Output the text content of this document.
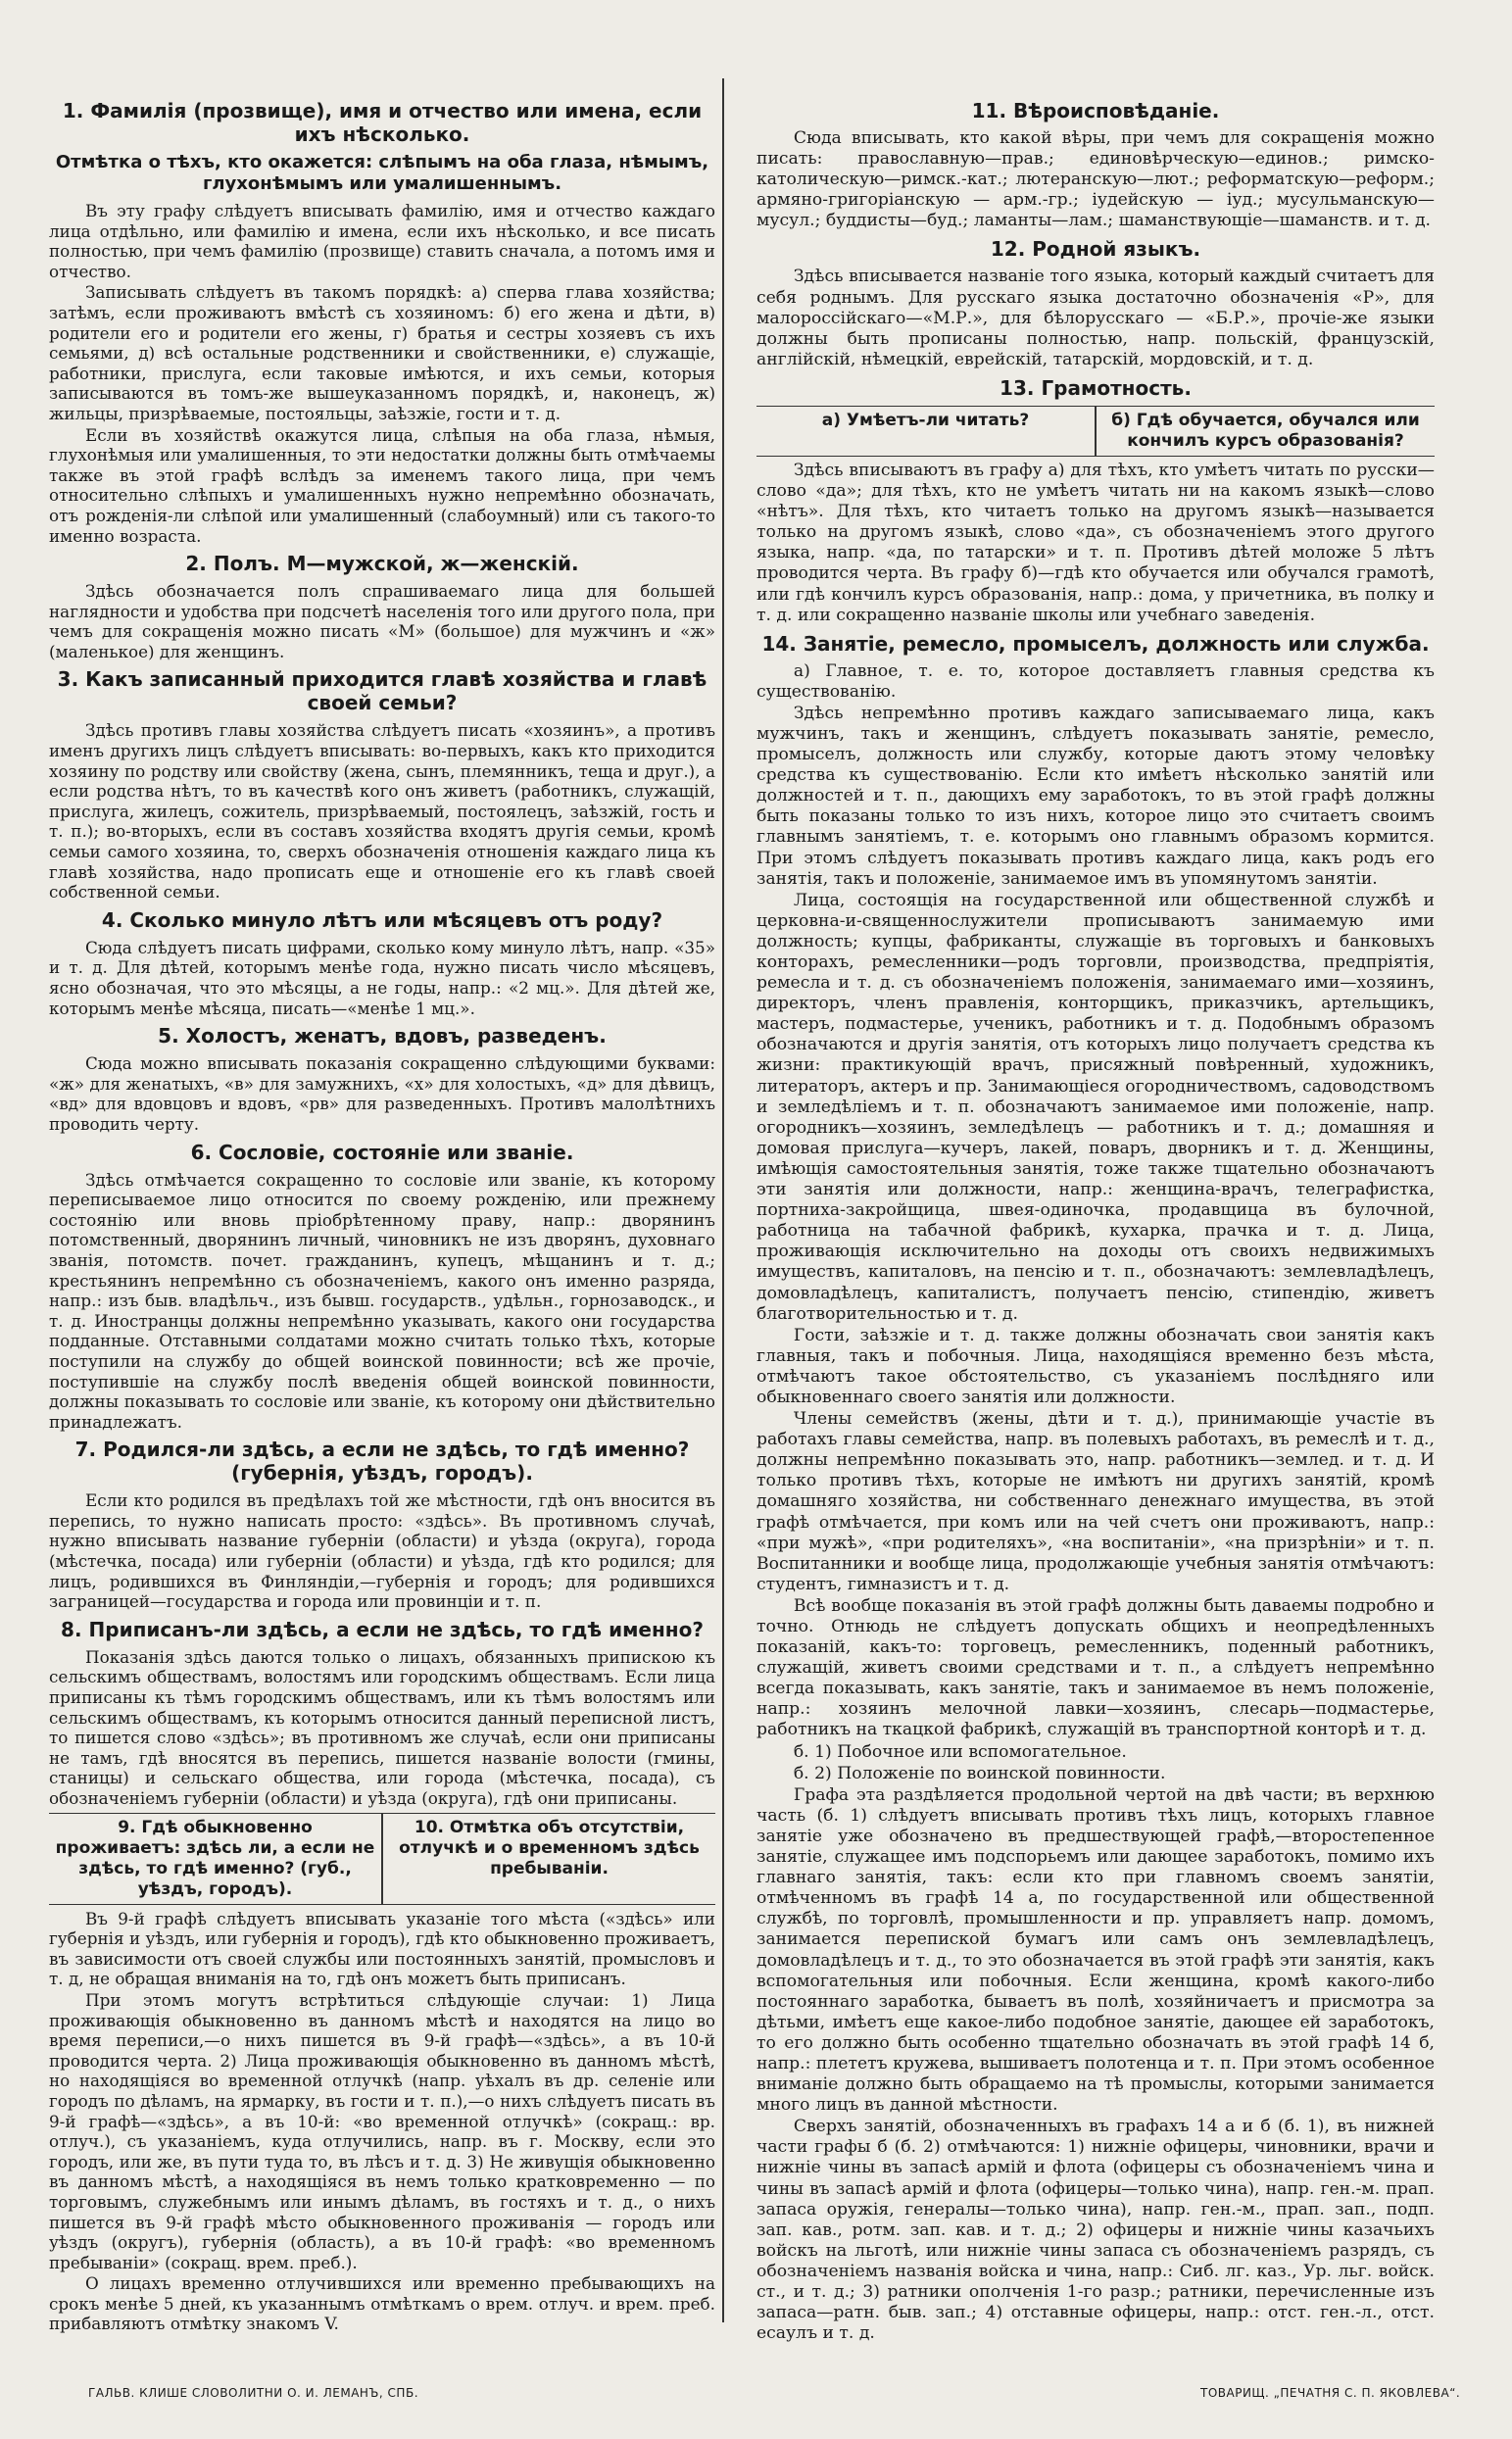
1. Фамилія (прозвище), имя и отчество или имена, если ихъ нѣсколько.
Отмѣтка о тѣхъ, кто окажется: слѣпымъ на оба глаза, нѣмымъ, глухонѣмымъ или умалишеннымъ.

Въ эту графу слѣдуетъ вписывать фамилію, имя и отчество каждаго лица отдѣльно, или фамилію и имена, если ихъ нѣсколько, и все писать полностью, при чемъ фамилію (прозвище) ставить сначала, а потомъ имя и отчество.

Записывать слѣдуетъ въ такомъ порядкѣ: а) сперва глава хозяйства; затѣмъ, если проживаютъ вмѣстѣ съ хозяиномъ: б) его жена и дѣти, в) родители его и родители его жены, г) братья и сестры хозяевъ съ ихъ семьями, д) всѣ остальные родственники и свойственники, е) служащіе, работники, прислуга, если таковые имѣются, и ихъ семьи, которыя записываются въ томъ-же вышеуказанномъ порядкѣ, и, наконецъ, ж) жильцы, призрѣваемые, постояльцы, заѣзжіе, гости и т. д.

Если въ хозяйствѣ окажутся лица, слѣпыя на оба глаза, нѣмыя, глухонѣмыя или умалишенныя, то эти недостатки должны быть отмѣчаемы также въ этой графѣ вслѣдъ за именемъ такого лица, при чемъ относительно слѣпыхъ и умалишенныхъ нужно непремѣнно обозначать, отъ рожденія-ли слѣпой или умалишенный (слабоумный) или съ такого-то именно возраста.

2. Полъ. М—мужской, ж—женскій.

Здѣсь обозначается полъ спрашиваемаго лица для большей наглядности и удобства при подсчетѣ населенія того или другого пола, при чемъ для сокращенія можно писать «М» (большое) для мужчинъ и «ж» (маленькое) для женщинъ.

3. Какъ записанный приходится главѣ хозяйства и главѣ своей семьи?

Здѣсь противъ главы хозяйства слѣдуетъ писать «хозяинъ», а противъ именъ другихъ лицъ слѣдуетъ вписывать: во-первыхъ, какъ кто приходится хозяину по родству или свойству (жена, сынъ, племянникъ, теща и друг.), а если родства нѣтъ, то въ качествѣ кого онъ живетъ (работникъ, служащій, прислуга, жилецъ, сожитель, призрѣваемый, постоялецъ, заѣзжій, гость и т. п.); во-вторыхъ, если въ составъ хозяйства входятъ другія семьи, кромѣ семьи самого хозяина, то, сверхъ обозначенія отношенія каждаго лица къ главѣ хозяйства, надо прописать еще и отношеніе его къ главѣ своей собственной семьи.

4. Сколько минуло лѣтъ или мѣсяцевъ отъ роду?

Сюда слѣдуетъ писать цифрами, сколько кому минуло лѣтъ, напр. «35» и т. д. Для дѣтей, которымъ менѣе года, нужно писать число мѣсяцевъ, ясно обозначая, что это мѣсяцы, а не годы, напр.: «2 мц.». Для дѣтей же, которымъ менѣе мѣсяца, писать—«менѣе 1 мц.».

5. Холостъ, женатъ, вдовъ, разведенъ.

Сюда можно вписывать показанія сокращенно слѣдующими буквами: «ж» для женатыхъ, «в» для замужнихъ, «х» для холостыхъ, «д» для дѣвицъ, «вд» для вдовцовъ и вдовъ, «рв» для разведенныхъ. Противъ малолѣтнихъ проводить черту.

6. Сословіе, состояніе или званіе.

Здѣсь отмѣчается сокращенно то сословіе или званіе, къ которому переписываемое лицо относится по своему рожденію, или прежнему состоянію или вновь пріобрѣтенному праву, напр.: дворянинъ потомственный, дворянинъ личный, чиновникъ не изъ дворянъ, духовнаго званія, потомств. почет. гражданинъ, купецъ, мѣщанинъ и т. д.; крестьянинъ непремѣнно съ обозначеніемъ, какого онъ именно разряда, напр.: изъ быв. владѣльч., изъ бывш. государств., удѣльн., горнозаводск., и т. д. Иностранцы должны непремѣнно указывать, какого они государства подданные. Отставными солдатами можно считать только тѣхъ, которые поступили на службу до общей воинской повинности; всѣ же прочіе, поступившіе на службу послѣ введенія общей воинской повинности, должны показывать то сословіе или званіе, къ которому они дѣйствительно принадлежатъ.

7. Родился-ли здѣсь, а если не здѣсь, то гдѣ именно? (губернія, уѣздъ, городъ).

Если кто родился въ предѣлахъ той же мѣстности, гдѣ онъ вносится въ перепись, то нужно написать просто: «здѣсь». Въ противномъ случаѣ, нужно вписывать название губерніи (области) и уѣзда (округа), города (мѣстечка, посада) или губерніи (области) и уѣзда, гдѣ кто родился; для лицъ, родившихся въ Финляндіи,—губернія и городъ; для родившихся заграницей—государства и города или провинціи и т. п.

8. Приписанъ-ли здѣсь, а если не здѣсь, то гдѣ именно?

Показанія здѣсь даются только о лицахъ, обязанныхъ припискою къ сельскимъ обществамъ, волостямъ или городскимъ обществамъ. Если лица приписаны къ тѣмъ городскимъ обществамъ, или къ тѣмъ волостямъ или сельскимъ обществамъ, къ которымъ относится данный переписной листъ, то пишется слово «здѣсь»; въ противномъ же случаѣ, если они приписаны не тамъ, гдѣ вносятся въ перепись, пишется названіе волости (гмины, станицы) и сельскаго общества, или города (мѣстечка, посада), съ обозначеніемъ губерніи (области) и уѣзда (округа), гдѣ они приписаны.

9. Гдѣ обыкновенно проживаетъ: здѣсь ли, а если не здѣсь, то гдѣ именно? (губ., уѣздъ, городъ).
10. Отмѣтка объ отсутствіи, отлучкѣ и о временномъ здѣсь пребываніи.

Въ 9-й графѣ слѣдуетъ вписывать указаніе того мѣста («здѣсь» или губернія и уѣздъ, или губернія и городъ), гдѣ кто обыкновенно проживаетъ, въ зависимости отъ своей службы или постоянныхъ занятій, промысловъ и т. д, не обращая вниманія на то, гдѣ онъ можетъ быть приписанъ.

При этомъ могутъ встрѣтиться слѣдующіе случаи: 1) Лица проживающія обыкновенно въ данномъ мѣстѣ и находятся на лицо во время переписи,—о нихъ пишется въ 9-й графѣ—«здѣсь», а въ 10-й проводится черта. 2) Лица проживающія обыкновенно въ данномъ мѣстѣ, но находящіяся во временной отлучкѣ (напр. уѣхалъ въ др. селеніе или городъ по дѣламъ, на ярмарку, въ гости и т. п.),—о нихъ слѣдуетъ писать въ 9-й графѣ—«здѣсь», а въ 10-й: «во временной отлучкѣ» (сокращ.: вр. отлуч.), съ указаніемъ, куда отлучились, напр. въ г. Москву, если это городъ, или же, въ пути туда то, въ лѣсъ и т. д. 3) Не живущія обыкновенно въ данномъ мѣстѣ, а находящіяся въ немъ только кратковременно — по торговымъ, служебнымъ или инымъ дѣламъ, въ гостяхъ и т. д., о нихъ пишется въ 9-й графѣ мѣсто обыкновенного проживанія — городъ или уѣздъ (округъ), губернія (область), а въ 10-й графѣ: «во временномъ пребываніи» (сокращ. врем. преб.).

О лицахъ временно отлучившихся или временно пребывающихъ на срокъ менѣе 5 дней, къ указаннымъ отмѣткамъ о врем. отлуч. и врем. преб. прибавляютъ отмѣтку знакомъ V.

11. Вѣроисповѣданіе.

Сюда вписывать, кто какой вѣры, при чемъ для сокращенія можно писать: православную—прав.; единовѣрческую—единов.; римско-католическую—римск.-кат.; лютеранскую—лют.; реформатскую—реформ.; армяно-григоріанскую — арм.-гр.; іудейскую — іуд.; мусульманскую—мусул.; буддисты—буд.; ламанты—лам.; шаманствующіе—шаманств. и т. д.

12. Родной языкъ.

Здѣсь вписывается названіе того языка, который каждый считаетъ для себя роднымъ. Для русскаго языка достаточно обозначенія «Р», для малороссійскаго—«М.Р.», для бѣлорусскаго — «Б.Р.», прочіе-же языки должны быть прописаны полностью, напр. польскій, французскій, англійскій, нѣмецкій, еврейскій, татарскій, мордовскій, и т. д.

13. Грамотность.
а) Умѣетъ-ли читать?	б) Гдѣ обучается, обучался или кончилъ курсъ образованія?

Здѣсь вписываютъ въ графу а) для тѣхъ, кто умѣетъ читать по русски—слово «да»; для тѣхъ, кто не умѣетъ читать ни на какомъ языкѣ—слово «нѣтъ». Для тѣхъ, кто читаетъ только на другомъ языкѣ—называется только на другомъ языкѣ, слово «да», съ обозначеніемъ этого другого языка, напр. «да, по татарски» и т. п. Противъ дѣтей моложе 5 лѣтъ проводится черта. Въ графу б)—гдѣ кто обучается или обучался грамотѣ, или гдѣ кончилъ курсъ образованія, напр.: дома, у причетника, въ полку и т. д. или сокращенно названіе школы или учебнаго заведенія.

14. Занятіе, ремесло, промыселъ, должность или служба.

а) Главное, т. е. то, которое доставляетъ главныя средства къ существованію.

Здѣсь непремѣнно противъ каждаго записываемаго лица, какъ мужчинъ, такъ и женщинъ, слѣдуетъ показывать занятіе, ремесло, промыселъ, должность или службу, которые даютъ этому человѣку средства къ существованію. Если кто имѣетъ нѣсколько занятій или должностей и т. п., дающихъ ему заработокъ, то въ этой графѣ должны быть показаны только то изъ нихъ, которое лицо это считаетъ своимъ главнымъ занятіемъ, т. е. которымъ оно главнымъ образомъ кормится. При этомъ слѣдуетъ показывать противъ каждаго лица, какъ родъ его занятія, такъ и положеніе, занимаемое имъ въ упомянутомъ занятіи.

Лица, состоящія на государственной или общественной службѣ и церковна-и-священнослужители прописываютъ занимаемую ими должность; купцы, фабриканты, служащіе въ торговыхъ и банковыхъ конторахъ, ремесленники—родъ торговли, производства, предпріятія, ремесла и т. д. съ обозначеніемъ положенія, занимаемаго ими—хозяинъ, директоръ, членъ правленія, конторщикъ, приказчикъ, артельщикъ, мастеръ, подмастерье, ученикъ, работникъ и т. д. Подобнымъ образомъ обозначаются и другія занятія, отъ которыхъ лицо получаетъ средства къ жизни: практикующій врачъ, присяжный повѣренный, художникъ, литераторъ, актеръ и пр. Занимающіеся огородничествомъ, садоводствомъ и земледѣліемъ и т. п. обозначаютъ занимаемое ими положеніе, напр. огородникъ—хозяинъ, земледѣлецъ — работникъ и т. д.; домашняя и домовая прислуга—кучеръ, лакей, поваръ, дворникъ и т. д. Женщины, имѣющія самостоятельныя занятія, тоже также тщательно обозначаютъ эти занятія или должности, напр.: женщина-врачъ, телеграфистка, портниха-закройщица, швея-одиночка, продавщица въ булочной, работница на табачной фабрикѣ, кухарка, прачка и т. д. Лица, проживающія исключительно на доходы отъ своихъ недвижимыхъ имуществъ, капиталовъ, на пенсію и т. п., обозначаютъ: землевладѣлецъ, домовладѣлецъ, капиталистъ, получаетъ пенсію, стипендію, живетъ благотворительностью и т. д.

Гости, заѣзжіе и т. д. также должны обозначать свои занятія какъ главныя, такъ и побочныя. Лица, находящіяся временно безъ мѣста, отмѣчаютъ такое обстоятельство, съ указаніемъ послѣдняго или обыкновеннаго своего занятія или должности.

Члены семействъ (жены, дѣти и т. д.), принимающіе участіе въ работахъ главы семейства, напр. въ полевыхъ работахъ, въ ремеслѣ и т. д., должны непремѣнно показывать это, напр. работникъ—землед. и т. д. И только противъ тѣхъ, которые не имѣютъ ни другихъ занятій, кромѣ домашняго хозяйства, ни собственнаго денежнаго имущества, въ этой графѣ отмѣчается, при комъ или на чей счетъ они проживаютъ, напр.: «при мужѣ», «при родителяхъ», «на воспитаніи», «на призрѣніи» и т. п. Воспитанники и вообще лица, продолжающіе учебныя занятія отмѣчаютъ: студентъ, гимназистъ и т. д.

Всѣ вообще показанія въ этой графѣ должны быть даваемы подробно и точно. Отнюдь не слѣдуетъ допускать общихъ и неопредѣленныхъ показаній, какъ-то: торговецъ, ремесленникъ, поденный работникъ, служащій, живетъ своими средствами и т. п., а слѣдуетъ непремѣнно всегда показывать, какъ занятіе, такъ и занимаемое въ немъ положеніе, напр.: хозяинъ мелочной лавки—хозяинъ, слесарь—подмастерье, работникъ на ткацкой фабрикѣ, служащій въ транспортной конторѣ и т. д.

б. 1) Побочное или вспомогательное.

б. 2) Положеніе по воинской повинности.

Графа эта раздѣляется продольной чертой на двѣ части; въ верхнюю часть (б. 1) слѣдуетъ вписывать противъ тѣхъ лицъ, которыхъ главное занятіе уже обозначено въ предшествующей графѣ,—второстепенное занятіе, служащее имъ подспорьемъ или дающее заработокъ, помимо ихъ главнаго занятія, такъ: если кто при главномъ своемъ занятіи, отмѣченномъ въ графѣ 14 а, по государственной или общественной службѣ, по торговлѣ, промышленности и пр. управляетъ напр. домомъ, занимается перепиской бумагъ или самъ онъ землевладѣлецъ, домовладѣлецъ и т. д., то это обозначается въ этой графѣ эти занятія, какъ вспомогательныя или побочныя. Если женщина, кромѣ какого-либо постояннаго заработка, бываетъ въ полѣ, хозяйничаетъ и присмотра за дѣтьми, имѣетъ еще какое-либо подобное занятіе, дающее ей заработокъ, то его должно быть особенно тщательно обозначать въ этой графѣ 14 б, напр.: плететъ кружева, вышиваетъ полотенца и т. п. При этомъ особенное вниманіе должно быть обращаемо на тѣ промыслы, которыми занимается много лицъ въ данной мѣстности.

Сверхъ занятій, обозначенныхъ въ графахъ 14 а и б (б. 1), въ нижней части графы б (б. 2) отмѣчаются: 1) нижніе офицеры, чиновники, врачи и нижніе чины въ запасѣ армій и флота (офицеры съ обозначеніемъ чина и чины въ запасѣ армій и флота (офицеры—только чина), напр. ген.-м. прап. запаса оружія, генералы—только чина), напр. ген.-м., прап. зап., подп. зап. кав., ротм. зап. кав. и т. д.; 2) офицеры и нижніе чины казачьихъ войскъ на льготѣ, или нижніе чины запаса съ обозначеніемъ разрядъ, съ обозначеніемъ названія войска и чина, напр.: Сиб. лг. каз., Ур. льг. войск. ст., и т. д.; 3) ратники ополченія 1-го разр.; ратники, перечисленные изъ запаса—ратн. быв. зап.; 4) отставные офицеры, напр.: отст. ген.-л., отст. есаулъ и т. д.

ГАЛЬВ. КЛИШЕ СЛОВОЛИТНИ О. И. ЛЕМАНЪ, СПБ.	ТОВАРИЩ. „ПЕЧАТНЯ С. П. ЯКОВЛЕВА“.
